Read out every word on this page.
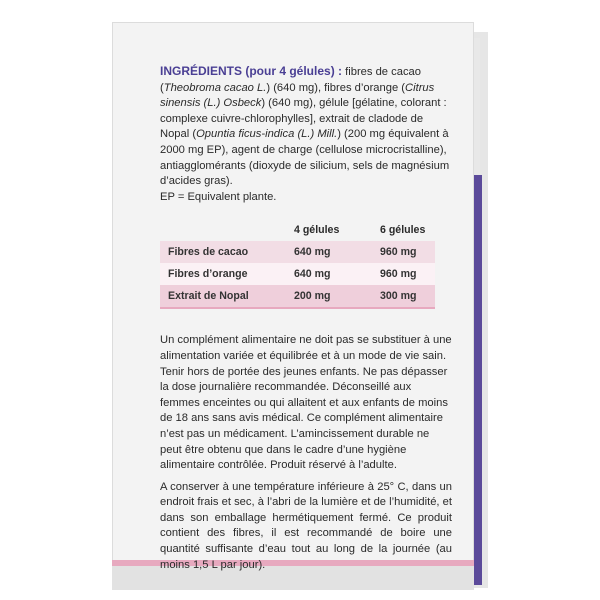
INGRÉDIENTS (pour 4 gélules) : fibres de cacao (Theobroma cacao L.) (640 mg), fibres d’orange (Citrus sinensis (L.) Osbeck) (640 mg), gélule [gélatine, colorant : complexe cuivre-chlorophylles], extrait de cladode de Nopal (Opuntia ficus-indica (L.) Mill.) (200 mg équivalent à 2000 mg EP), agent de charge (cellulose microcristalline), antiagglomérants (dioxyde de silicium, sels de magnésium d’acides gras).

EP = Equivalent plante.

	4 gélules	6 gélules
Fibres de cacao	640 mg	960 mg
Fibres d’orange	640 mg	960 mg
Extrait de Nopal	200 mg	300 mg

Un complément alimentaire ne doit pas se substituer à une alimentation variée et équilibrée et à un mode de vie sain. Tenir hors de portée des jeunes enfants. Ne pas dépasser la dose journalière recommandée. Déconseillé aux femmes enceintes ou qui allaitent et aux enfants de moins de 18 ans sans avis médical. Ce complément alimentaire n’est pas un médicament. L’amincissement durable ne peut être obtenu que dans le cadre d’une hygiène alimentaire contrôlée. Produit réservé à l’adulte.

A conserver à une température inférieure à 25° C, dans un endroit frais et sec, à l’abri de la lumière et de l’humidité, et dans son emballage hermétiquement fermé. Ce produit contient des fibres, il est recommandé de boire une quantité suffisante d’eau tout au long de la journée (au moins 1,5 L par jour).
